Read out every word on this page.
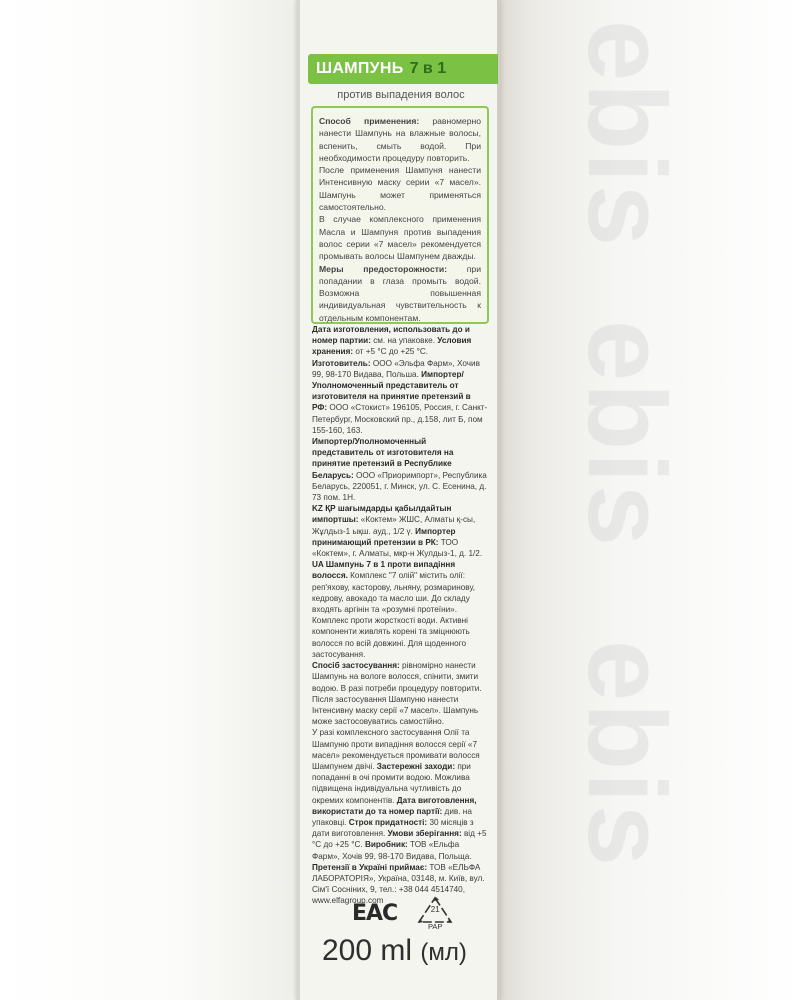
ebis
ebis
ebis
ШАМПУНЬ 7 в 1
против выпадения волос

Способ применения: равномерно нанести Шампунь на влажные волосы, вспенить, смыть водой. При необходимости процедуру повторить.

После применения Шампуня нанести Интенсивную маску серии «7 масел». Шампунь может применяться самостоятельно.

В случае комплексного применения Масла и Шампуня против выпадения волос серии «7 масел» рекомендуется промывать волосы Шампунем дважды.

Меры предосторожности: при попадании в глаза промыть водой. Возможна повышенная индивидуальная чувствительность к отдельным компонентам.

Дата изготовления, использовать до и номер партии: см. на упаковке. Условия хранения: от +5 °С до +25 °С.

Изготовитель: ООО «Эльфа Фарм», Хочив 99, 98-170 Видава, Польша. Импортер/Уполномоченный представитель от изготовителя на принятие претензий в РФ: ООО «Стокист» 196105, Россия, г. Санкт-Петербург, Московский пр., д.158, лит Б, пом 155-160, 163.

Импортер/Уполномоченный представитель от изготовителя на принятие претензий в Республике Беларусь: ООО «Приоримпорт», Республика Беларусь, 220051, г. Минск, ул. С. Есенина, д. 73 пом. 1Н.

KZ ҚР шағымдарды қабылдайтын импортшы: «Коктем» ЖШС, Алматы қ-сы, Жұлдыз-1 ықш. ауд., 1/2 ү. Импортер принимающий претензии в РК: ТОО «Коктем», г. Алматы, мкр-н Жулдыз-1, д. 1/2.

UA Шампунь 7 в 1 проти випадіння волосся. Комплекс "7 олій" містить олії: реп'яхову, касторову, льняну, розмаринову, кедрову, авокадо та масло ши. До складу входять аргінін та «розумні протеїни». Комплекс проти жорсткості води. Активні компоненти живлять корені та зміцнюють волосся по всій довжині. Для щоденного застосування.

Спосіб застосування: рівномірно нанести Шампунь на вологе волосся, спінити, змити водою. В разі потреби процедуру повторити. Після застосування Шампуню нанести Інтенсивну маску серії «7 масел». Шампунь може застосовуватись самостійно.

У разі комплексного застосування Олії та Шампуню проти випадіння волосся серії «7 масел» рекомендується промивати волосся Шампунем двічі. Застережні заходи: при попаданні в очі промити водою. Можлива підвищена індивідуальна чутливість до окремих компонентів. Дата виготовлення, використати до та номер партії: див. на упаковці. Строк придатності: 30 місяців з дати виготовлення. Умови зберігання: від +5 °С до +25 °С. Виробник: ТОВ «Ельфа Фарм», Хочів 99, 98-170 Видава, Польща.

Претензії в Україні приймає: ТОВ «ЕЛЬФА ЛАБОРАТОРІЯ», Україна, 03148, м. Київ, вул. Сім'ї Сосніних, 9, тел.: +38 044 4514740, www.elfagroup.com

EAC	21
PAP
200 ml (мл)
